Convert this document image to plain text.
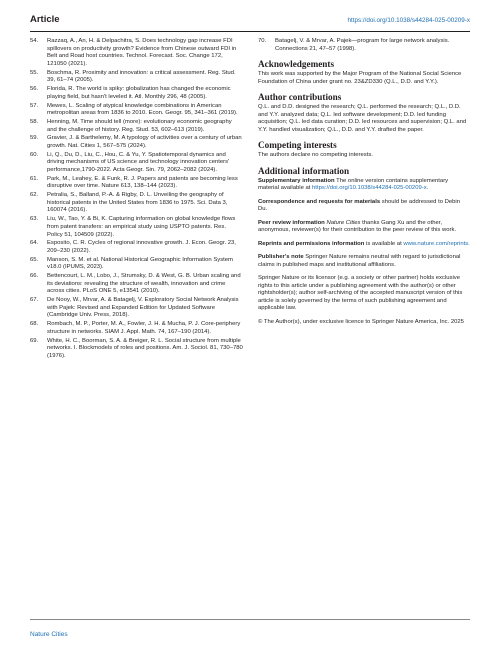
Article	https://doi.org/10.1038/s44284-025-00209-x
54.	Razzaq, A., An, H. & Delpachitra, S. Does technology gap increase FDI spillovers on productivity growth? Evidence from Chinese outward FDI in Belt and Road host countries. Technol. Forecast. Soc. Change 172, 121050 (2021).
55.	Boschma, R. Proximity and innovation: a critical assessment. Reg. Stud. 39, 61–74 (2005).
56.	Florida, R. The world is spiky: globalization has changed the economic playing field, but hasn't leveled it. Atl. Monthly 296, 48 (2005).
57.	Mewes, L. Scaling of atypical knowledge combinations in American metropolitan areas from 1836 to 2010. Econ. Geogr. 95, 341–361 (2019).
58.	Henning, M. Time should tell (more): evolutionary economic geography and the challenge of history. Reg. Stud. 53, 602–613 (2019).
59.	Gravier, J. & Barthelemy, M. A typology of activities over a century of urban growth. Nat. Cities 1, 567–575 (2024).
60.	Li, Q., Du, D., Liu, C., Hou, C. & Yu, Y. Spatiotemporal dynamics and driving mechanisms of US science and technology innovation centers' performance,1790-2022. Acta Geogr. Sin. 79, 2062–2082 (2024).
61.	Park, M., Leahey, E. & Funk, R. J. Papers and patents are becoming less disruptive over time. Nature 613, 138–144 (2023).
62.	Petralia, S., Balland, P.-A. & Rigby, D. L. Unveiling the geography of historical patents in the United States from 1836 to 1975. Sci. Data 3, 160074 (2016).
63.	Liu, W., Tao, Y. & Bi, K. Capturing information on global knowledge flows from patent transfers: an empirical study using USPTO patents. Res. Policy 51, 104509 (2022).
64.	Esposito, C. R. Cycles of regional innovative growth. J. Econ. Geogr. 23, 209–230 (2022).
65.	Manson, S. M. et al. National Historical Geographic Information System v18.0 (IPUMS, 2023).
66.	Bettencourt, L. M., Lobo, J., Strumsky, D. & West, G. B. Urban scaling and its deviations: revealing the structure of wealth, innovation and crime across cities. PLoS ONE 5, e13541 (2010).
67.	De Nooy, W., Mrvar, A. & Batagelj, V. Exploratory Social Network Analysis with Pajek: Revised and Expanded Edition for Updated Software (Cambridge Univ. Press, 2018).
68.	Rombach, M. P., Porter, M. A., Fowler, J. H. & Mucha, P. J. Core-periphery structure in networks. SIAM J. Appl. Math. 74, 167–190 (2014).
69.	White, H. C., Boorman, S. A. & Breiger, R. L. Social structure from multiple networks. I. Blockmodels of roles and positions. Am. J. Sociol. 81, 730–780 (1976).
70.	Batagelj, V. & Mrvar, A. Pajek—program for large network analysis. Connections 21, 47–57 (1998).
Acknowledgements

This work was supported by the Major Program of the National Social Science Foundation of China under grant no. 23&ZD330 (Q.L., D.D. and Y.Y.).

Author contributions

Q.L. and D.D. designed the research; Q.L. performed the research; Q.L., D.D. and Y.Y. analyzed data; Q.L. led software development; D.D. led funding acquisition; Q.L. led data curation; D.D. led resources and supervision; Q.L. and Y.Y. handled visualization; Q.L., D.D. and Y.Y. drafted the paper.

Competing interests

The authors declare no competing interests.

Additional information

Supplementary information The online version contains supplementary material available at https://doi.org/10.1038/s44284-025-00209-x.

Correspondence and requests for materials should be addressed to Debin Du.

Peer review information Nature Cities thanks Gang Xu and the other, anonymous, reviewer(s) for their contribution to the peer review of this work.

Reprints and permissions information is available at www.nature.com/reprints.

Publisher's note Springer Nature remains neutral with regard to jurisdictional claims in published maps and institutional affiliations.

Springer Nature or its licensor (e.g. a society or other partner) holds exclusive rights to this article under a publishing agreement with the author(s) or other rightsholder(s); author self-archiving of the accepted manuscript version of this article is solely governed by the terms of such publishing agreement and applicable law.

© The Author(s), under exclusive licence to Springer Nature America, Inc. 2025

Nature Cities
